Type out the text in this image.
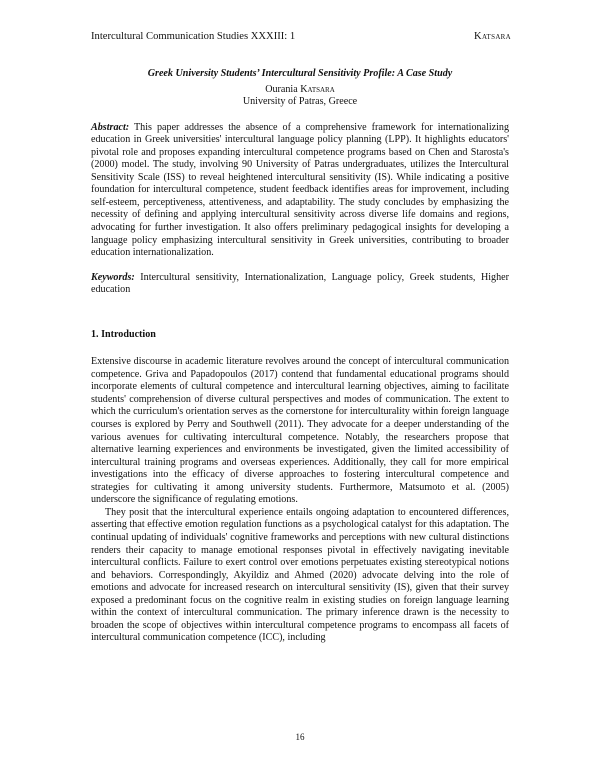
Intercultural Communication Studies XXXIII: 1	Katsara
Greek University Students’ Intercultural Sensitivity Profile: A Case Study
Ourania Katsara
University of Patras, Greece
Abstract: This paper addresses the absence of a comprehensive framework for internationalizing education in Greek universities' intercultural language policy planning (LPP). It highlights educators' pivotal role and proposes expanding intercultural competence programs based on Chen and Starosta's (2000) model. The study, involving 90 University of Patras undergraduates, utilizes the Intercultural Sensitivity Scale (ISS) to reveal heightened intercultural sensitivity (IS). While indicating a positive foundation for intercultural competence, student feedback identifies areas for improvement, including self-esteem, perceptiveness, attentiveness, and adaptability. The study concludes by emphasizing the necessity of defining and applying intercultural sensitivity across diverse life domains and regions, advocating for further investigation. It also offers preliminary pedagogical insights for developing a language policy emphasizing intercultural sensitivity in Greek universities, contributing to broader education internationalization.
Keywords: Intercultural sensitivity, Internationalization, Language policy, Greek students, Higher education
1. Introduction

Extensive discourse in academic literature revolves around the concept of intercultural communication competence. Griva and Papadopoulos (2017) contend that fundamental educational programs should incorporate elements of cultural competence and intercultural learning objectives, aiming to facilitate students' comprehension of diverse cultural perspectives and modes of communication. The extent to which the curriculum's orientation serves as the cornerstone for interculturality within foreign language courses is explored by Perry and Southwell (2011). They advocate for a deeper understanding of the various avenues for cultivating intercultural competence. Notably, the researchers propose that alternative learning experiences and environments be investigated, given the limited accessibility of intercultural training programs and overseas experiences. Additionally, they call for more empirical investigations into the efficacy of diverse approaches to fostering intercultural competence and strategies for cultivating it among university students. Furthermore, Matsumoto et al. (2005) underscore the significance of regulating emotions.

They posit that the intercultural experience entails ongoing adaptation to encountered differences, asserting that effective emotion regulation functions as a psychological catalyst for this adaptation. The continual updating of individuals' cognitive frameworks and perceptions with new cultural distinctions renders their capacity to manage emotional responses pivotal in effectively navigating inevitable intercultural conflicts. Failure to exert control over emotions perpetuates existing stereotypical notions and behaviors. Correspondingly, Akyildiz and Ahmed (2020) advocate delving into the role of emotions and advocate for increased research on intercultural sensitivity (IS), given that their survey exposed a predominant focus on the cognitive realm in existing studies on foreign language learning within the context of intercultural communication. The primary inference drawn is the necessity to broaden the scope of objectives within intercultural competence programs to encompass all facets of intercultural communication competence (ICC), including

16
